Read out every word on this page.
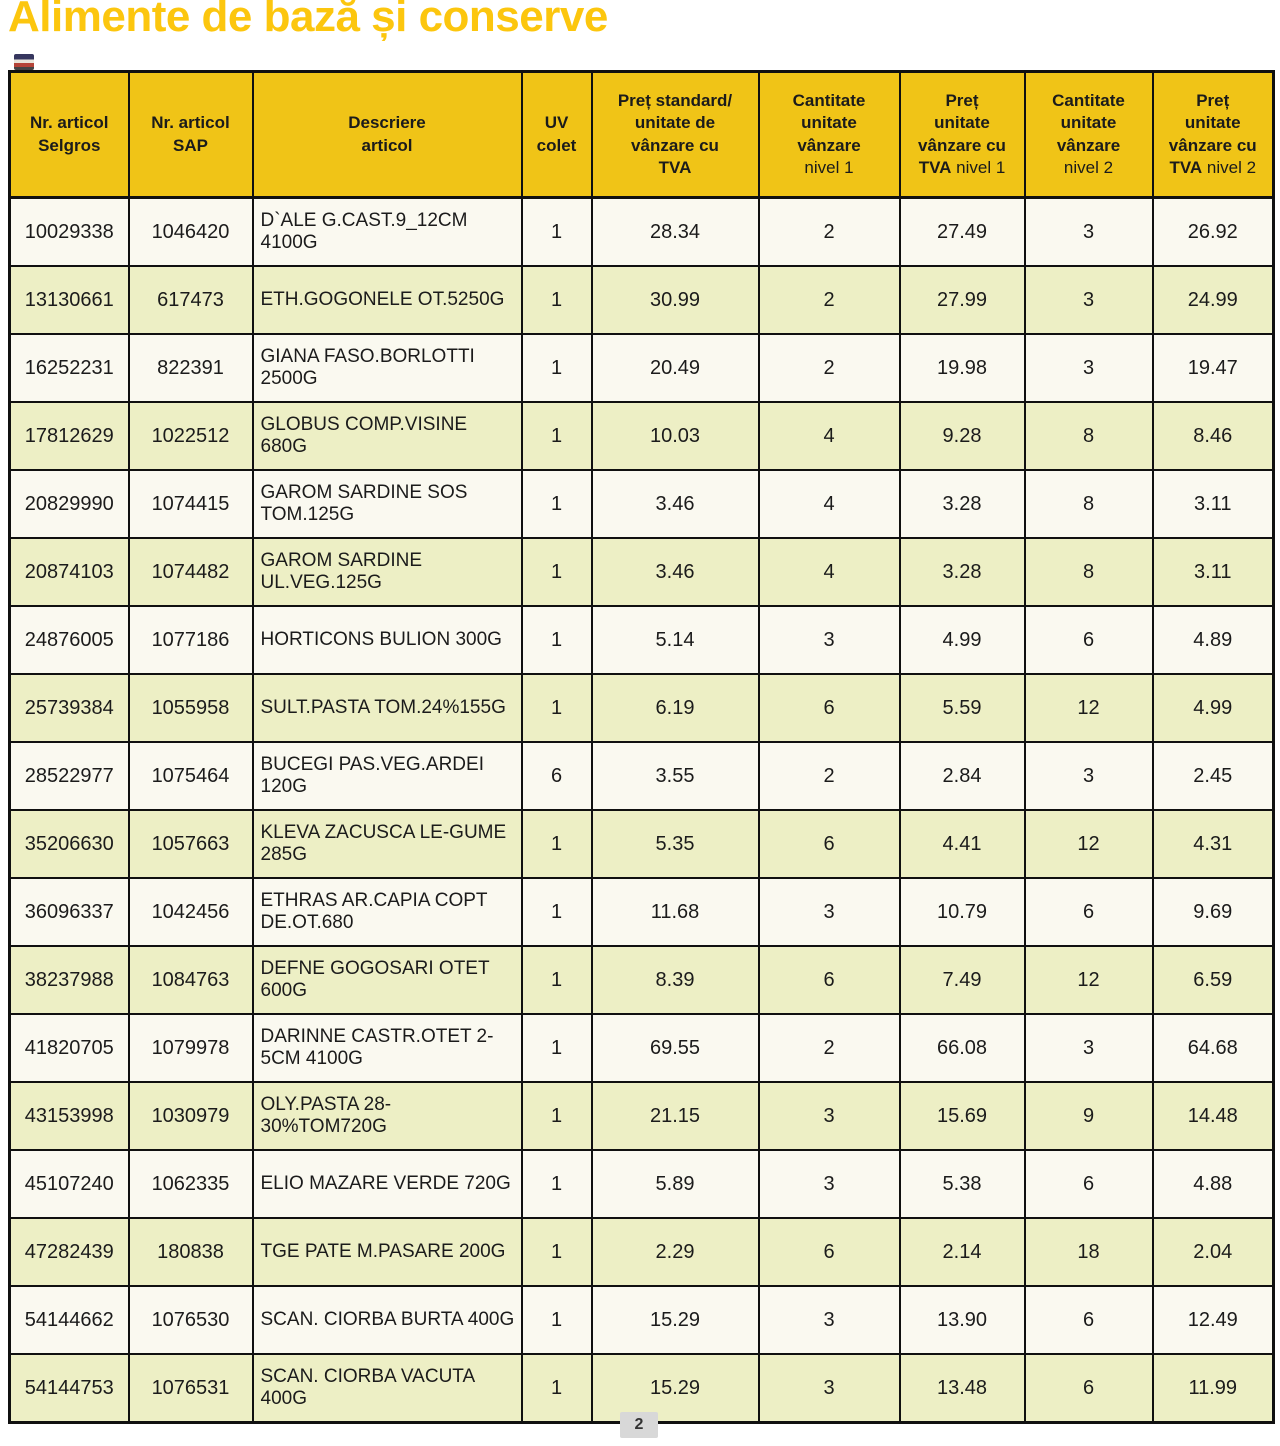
Alimente de bază și conserve
Nr. articol
Selgros

Nr. articol
SAP

Descriere
articol

UV
colet

Preț standard/
unitate de
vânzare cu
TVA

Cantitate
unitate
vânzare
nivel 1

Preț
unitate
vânzare cu
TVA nivel 1

Cantitate
unitate
vânzare
nivel 2

Preț
unitate
vânzare cu
TVA nivel 2

10029338	1046420	D`ALE G.CAST.9_12CM 4100G	1	28.34	2	27.49	3	26.92
13130661	617473	ETH.GOGONELE OT.5250G	1	30.99	2	27.99	3	24.99
16252231	822391	GIANA FASO.BORLOTTI 2500G	1	20.49	2	19.98	3	19.47
17812629	1022512	GLOBUS COMP.VISINE 680G	1	10.03	4	9.28	8	8.46
20829990	1074415	GAROM SARDINE SOS TOM.125G	1	3.46	4	3.28	8	3.11
20874103	1074482	GAROM SARDINE UL.VEG.125G	1	3.46	4	3.28	8	3.11
24876005	1077186	HORTICONS BULION 300G	1	5.14	3	4.99	6	4.89
25739384	1055958	SULT.PASTA TOM.24%155G	1	6.19	6	5.59	12	4.99
28522977	1075464	BUCEGI PAS.VEG.ARDEI 120G	6	3.55	2	2.84	3	2.45
35206630	1057663	KLEVA ZACUSCA LE-GUME 285G	1	5.35	6	4.41	12	4.31
36096337	1042456	ETHRAS AR.CAPIA COPT DE.OT.680	1	11.68	3	10.79	6	9.69
38237988	1084763	DEFNE GOGOSARI OTET 600G	1	8.39	6	7.49	12	6.59
41820705	1079978	DARINNE CASTR.OTET 2-5CM 4100G	1	69.55	2	66.08	3	64.68
43153998	1030979	OLY.PASTA 28-30%TOM720G	1	21.15	3	15.69	9	14.48
45107240	1062335	ELIO MAZARE VERDE 720G	1	5.89	3	5.38	6	4.88
47282439	180838	TGE PATE M.PASARE 200G	1	2.29	6	2.14	18	2.04
54144662	1076530	SCAN. CIORBA BURTA 400G	1	15.29	3	13.90	6	12.49
54144753	1076531	SCAN. CIORBA VACUTA 400G	1	15.29	3	13.48	6	11.99
2
